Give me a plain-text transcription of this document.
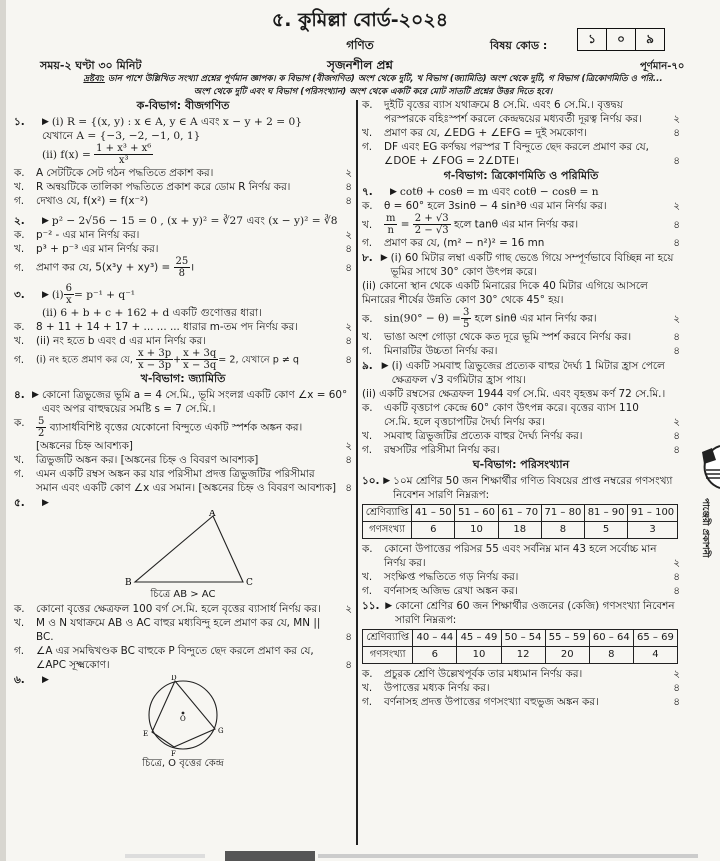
৫. কুমিল্লা বোর্ড-২০২৪
গণিত	বিষয় কোড :	১	০	৯
সময়-২ ঘণ্টা ৩০ মিনিট	সৃজনশীল প্রশ্ন	পূর্ণমান-৭০
দ্রষ্টব্য: ডান পাশে উল্লিখিত সংখ্যা প্রশ্নের পূর্ণমান জ্ঞাপক। ক বিভাগ (বীজগণিত) অংশ থেকে দুটি, খ বিভাগ (জ্যামিতি) অংশ থেকে দুটি, গ বিভাগ (ত্রিকোণমিতি ও পরি...
অংশ থেকে দুটি এবং ঘ বিভাগ (পরিসংখ্যান) অংশ থেকে একটি করে মোট সাতটি প্রশ্নের উত্তর দিতে হবে।
ক-বিভাগ: বীজগণিত
১.	▶ (i) R = {(x, y) : x ∈ A, y ∈ A এবং x − y + 2 = 0}
যেখানে A = {−3, −2, −1, 0, 1}
(ii) f(x) =
$\frac{\text{1 + x³ + x⁶}}{\text{x³}}$
ক.	A সেটটিকে সেট গঠন পদ্ধতিতে প্রকাশ কর।	২
খ.	R অন্বয়টিকে তালিকা পদ্ধতিতে প্রকাশ করে ডোম R নির্ণয় কর।	৪
গ.	দেখাও যে, f(x²) = f(x⁻²)	৪
২.	▶ p² − 2√56 − 15 = 0 , (x + y)² = ∛27 এবং (x − y)² = ∛8
ক.	p⁻² - এর মান নির্ণয় কর।	২
খ.	p³ + p⁻³ এর মান নির্ণয় কর।	৪
গ.	প্রমাণ কর যে, $5(x^3y + xy^3) = \frac{25}{8}$ ।	৪
৩.	▶ $(i) \frac{6}{x} = p^{-1} + q^{-1}$
(ii) 6 + b + c + 162 + d একটি গুণোত্তর ধারা।
ক.	8 + 11 + 14 + 17 + ... ... ... ধারার m-তম পদ নির্ণয় কর।	২
খ.	(ii) নং হতে b এবং d এর মান নির্ণয় কর।	৪
গ.	(i) নং হতে প্রমাণ কর যে, $\frac{x + 3p}{x - 3p} + \frac{x + 3q}{x - 3q} = 2$, যেখানে p ≠ q	৪
খ-বিভাগ: জ্যামিতি
৪. ▶ কোনো ত্রিভুজের ভূমি a = 4 সে.মি., ভূমি সংলগ্ন একটি কোণ ∠x = 60° এবং অপর বাহুদ্বয়ের সমষ্টি s = 7 সে.মি.।
ক.	$\frac{5}{2}$ ব্যাসার্ধবিশিষ্ট বৃত্তের যেকোনো বিন্দুতে একটি স্পর্শক অঙ্কন কর। [অঙ্কনের চিহ্ন আবশ্যক]	২
খ.	ত্রিভুজটি অঙ্কন কর। [অঙ্কনের চিহ্ন ও বিবরণ আবশ্যক]	৪
গ.	এমন একটি রম্বস অঙ্কন কর যার পরিসীমা প্রদত্ত ত্রিভুজটির পরিসীমার সমান এবং একটি কোণ ∠x এর সমান। [অঙ্কনের চিহ্ন ও বিবরণ আবশ্যক] ৪
৫.	▶
A
B	C
চিত্রে AB > AC
ক.	কোনো বৃত্তের ক্ষেত্রফল 100 বর্গ সে.মি. হলে বৃত্তের ব্যাসার্ধ নির্ণয় কর।	২
খ.	M ও N যথাক্রমে AB ও AC বাহুর মধ্যবিন্দু হলে প্রমাণ কর যে, MN || BC.	৪
গ.	∠A এর সমদ্বিখণ্ডক BC বাহুকে P বিন্দুতে ছেদ করলে প্রমাণ কর যে, ∠APC সূক্ষ্মকোণ।	৪
৬.	▶	D
E
F
G
O
চিত্রে, O বৃত্তের কেন্দ্র
ক.	দুইটি বৃত্তের ব্যাস যথাক্রমে 8 সে.মি. এবং 6 সে.মি.। বৃত্তদ্বয় পরস্পরকে বহিঃস্পর্শ করলে কেন্দ্রদ্বয়ের মধ্যবর্তী দূরত্ব নির্ণয় কর।	২
খ.	প্রমাণ কর যে, ∠EDG + ∠EFG = দুই সমকোণ।	৪
গ.	DF এবং EG কর্ণদ্বয় পরস্পর T বিন্দুতে ছেদ করলে প্রমাণ কর যে, ∠DOE + ∠FOG = 2∠DTE।	৪
গ-বিভাগ: ত্রিকোণমিতি ও পরিমিতি
৭.	▶ cotθ + cosθ = m এবং cotθ − cosθ = n
ক.	θ = 60° হলে 3sinθ − 4 sin³θ এর মান নির্ণয় কর।	২
খ.	$\frac{m}{n} = \frac{2 + √3}{2 - √3}$ হলে tanθ এর মান নির্ণয় কর।	৪
গ.	প্রমাণ কর যে, (m² − n²)² = 16 mn	৪
৮. ▶ (i) 60 মিটার লম্বা একটি গাছ ভেঙে গিয়ে সম্পূর্ণভাবে বিচ্ছিন্ন না হয়ে ভূমির সাথে 30° কোণ উৎপন্ন করে।
(ii) কোনো স্থান থেকে একটি মিনারের দিকে 40 মিটার এগিয়ে আসলে মিনারের শীর্ষের উন্নতি কোণ 30° থেকে 45° হয়।
ক.	$\sin(90^\circ - \theta) = \frac{3}{5}$ হলে sinθ এর মান নির্ণয় কর।	২
খ.	ভাঙা অংশ গোড়া থেকে কত দূরে ভূমি স্পর্শ করবে নির্ণয় কর।	৪
গ.	মিনারটির উচ্চতা নির্ণয় কর।	৪
৯. ▶ (i) একটি সমবাহু ত্রিভুজের প্রত্যেক বাহুর দৈর্ঘ্য 1 মিটার হ্রাস পেলে ক্ষেত্রফল √3 বর্গমিটার হ্রাস পায়।
(ii) একটি রম্বসের ক্ষেত্রফল 1944 বর্গ সে.মি. এবং বৃহত্তম কর্ণ 72 সে.মি.।
ক.	একটি বৃত্তচাপ কেন্দ্রে 60° কোণ উৎপন্ন করে। বৃত্তের ব্যাস 110 সে.মি. হলে বৃত্তচাপটির দৈর্ঘ্য নির্ণয় কর।	২
খ.	সমবাহু ত্রিভুজটির প্রত্যেক বাহুর দৈর্ঘ্য নির্ণয় কর।	৪
গ.	রম্বসটির পরিসীমা নির্ণয় কর।	৪
ঘ-বিভাগ: পরিসংখ্যান
১০. ▶ ১০ম শ্রেণির 50 জন শিক্ষার্থীর গণিত বিষয়ের প্রাপ্ত নম্বরের গণসংখ্যা নিবেশন সারণি নিম্নরূপ:
শ্রেণিব্যাপ্তি	41 – 50	51 – 60	61 – 70	71 – 80	81 – 90	91 – 100
গণসংখ্যা	6	10	18	8	5	3
ক.	কোনো উপাত্তের পরিসর 55 এবং সর্বনিম্ন মান 43 হলে সর্বোচ্চ মান নির্ণয় কর।	২
খ.	সংক্ষিপ্ত পদ্ধতিতে গড় নির্ণয় কর।	৪
গ.	বর্ণনাসহ অজিভ রেখা অঙ্কন কর।	৪
১১. ▶ কোনো শ্রেণির 60 জন শিক্ষার্থীর ওজনের (কেজি) গণসংখ্যা নিবেশন সারণি নিম্নরূপ:
শ্রেণিব্যাপ্তি	40 – 44	45 – 49	50 – 54	55 – 59	60 – 64	65 – 69
গণসংখ্যা	6	10	12	20	8	4
ক.	প্রচুরক শ্রেণি উল্লেখপূর্বক তার মধ্যমান নির্ণয় কর।	২
খ.	উপাত্তের মধ্যক নির্ণয় কর।	৪
গ.	বর্ণনাসহ প্রদত্ত উপাত্তের গণসংখ্যা বহুভুজ অঙ্কন কর।	৪
পাঞ্জেরী প্রকাশনী
